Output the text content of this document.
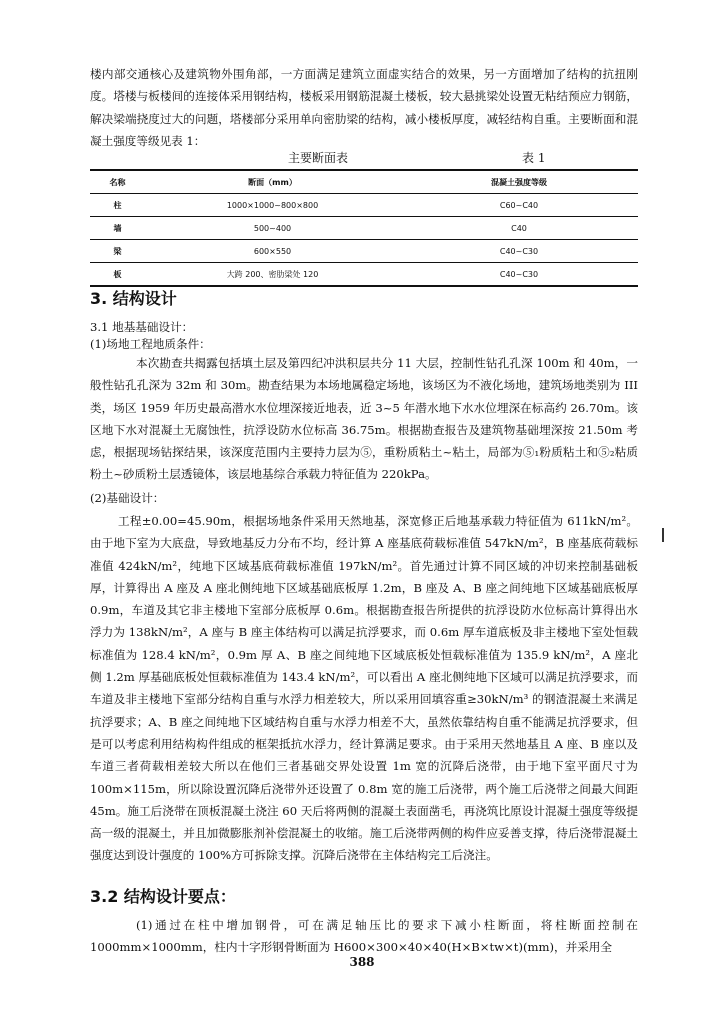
楼内部交通核心及建筑物外围角部，一方面满足建筑立面虚实结合的效果，另一方面增加了结构的抗扭刚度。塔楼与板楼间的连接体采用钢结构，楼板采用钢筋混凝土楼板，较大悬挑梁处设置无粘结预应力钢筋，解决梁端挠度过大的问题，塔楼部分采用单向密肋梁的结构，减小楼板厚度，减轻结构自重。主要断面和混凝土强度等级见表 1：

主要断面表	表 1
名称	断面（mm）	混凝土强度等级
柱	1000×1000~800×800	C60~C40
墙	500~400	C40
梁	600×550	C40~C30
板	大跨 200、密肋梁处 120	C40~C30
3. 结构设计

3.1 地基基础设计：

(1)场地工程地质条件：

本次勘查共揭露包括填土层及第四纪冲洪积层共分 11 大层，控制性钻孔孔深 100m 和 40m，一般性钻孔孔深为 32m 和 30m。勘查结果为本场地属稳定场地，该场区为不液化场地，建筑场地类别为 III 类，场区 1959 年历史最高潜水水位埋深接近地表，近 3~5 年潜水地下水水位埋深在标高约 26.70m。该区地下水对混凝土无腐蚀性，抗浮设防水位标高 36.75m。根据勘查报告及建筑物基础埋深按 21.50m 考虑，根据现场钻探结果，该深度范围内主要持力层为⑤，重粉质粘土~粘土，局部为⑤₁粉质粘土和⑤₂粘质粉土~砂质粉土层透镜体，该层地基综合承载力特征值为 220kPa。

(2)基础设计：

工程±0.00=45.90m，根据场地条件采用天然地基，深宽修正后地基承载力特征值为 611kN/m²。由于地下室为大底盘，导致地基反力分布不均，经计算 A 座基底荷载标准值 547kN/m²，B 座基底荷载标准值 424kN/m²，纯地下区域基底荷载标准值 197kN/m²。首先通过计算不同区域的冲切来控制基础板厚，计算得出 A 座及 A 座北侧纯地下区域基础底板厚 1.2m，B 座及 A、B 座之间纯地下区域基础底板厚 0.9m，车道及其它非主楼地下室部分底板厚 0.6m。根据勘查报告所提供的抗浮设防水位标高计算得出水浮力为 138kN/m²，A 座与 B 座主体结构可以满足抗浮要求，而 0.6m 厚车道底板及非主楼地下室处恒载标准值为 128.4 kN/m²，0.9m 厚 A、B 座之间纯地下区域底板处恒载标准值为 135.9 kN/m²，A 座北侧 1.2m 厚基础底板处恒载标准值为 143.4 kN/m²，可以看出 A 座北侧纯地下区域可以满足抗浮要求，而车道及非主楼地下室部分结构自重与水浮力相差较大，所以采用回填容重≥30kN/m³ 的钢渣混凝土来满足抗浮要求；A、B 座之间纯地下区域结构自重与水浮力相差不大，虽然依靠结构自重不能满足抗浮要求，但是可以考虑利用结构构件组成的框架抵抗水浮力，经计算满足要求。由于采用天然地基且 A 座、B 座以及车道三者荷载相差较大所以在他们三者基础交界处设置 1m 宽的沉降后浇带，由于地下室平面尺寸为 100m×115m，所以除设置沉降后浇带外还设置了 0.8m 宽的施工后浇带，两个施工后浇带之间最大间距 45m。施工后浇带在顶板混凝土浇注 60 天后将两侧的混凝土表面凿毛，再浇筑比原设计混凝土强度等级提高一级的混凝土，并且加微膨胀剂补偿混凝土的收缩。施工后浇带两侧的构件应妥善支撑，待后浇带混凝土强度达到设计强度的 100%方可拆除支撑。沉降后浇带在主体结构完工后浇注。

3.2 结构设计要点：

(1)通过在柱中增加钢骨，可在满足轴压比的要求下减小柱断面，将柱断面控制在 1000mm×1000mm，柱内十字形钢骨断面为 H600×300×40×40(H×B×tw×t)(mm)，并采用全

388
